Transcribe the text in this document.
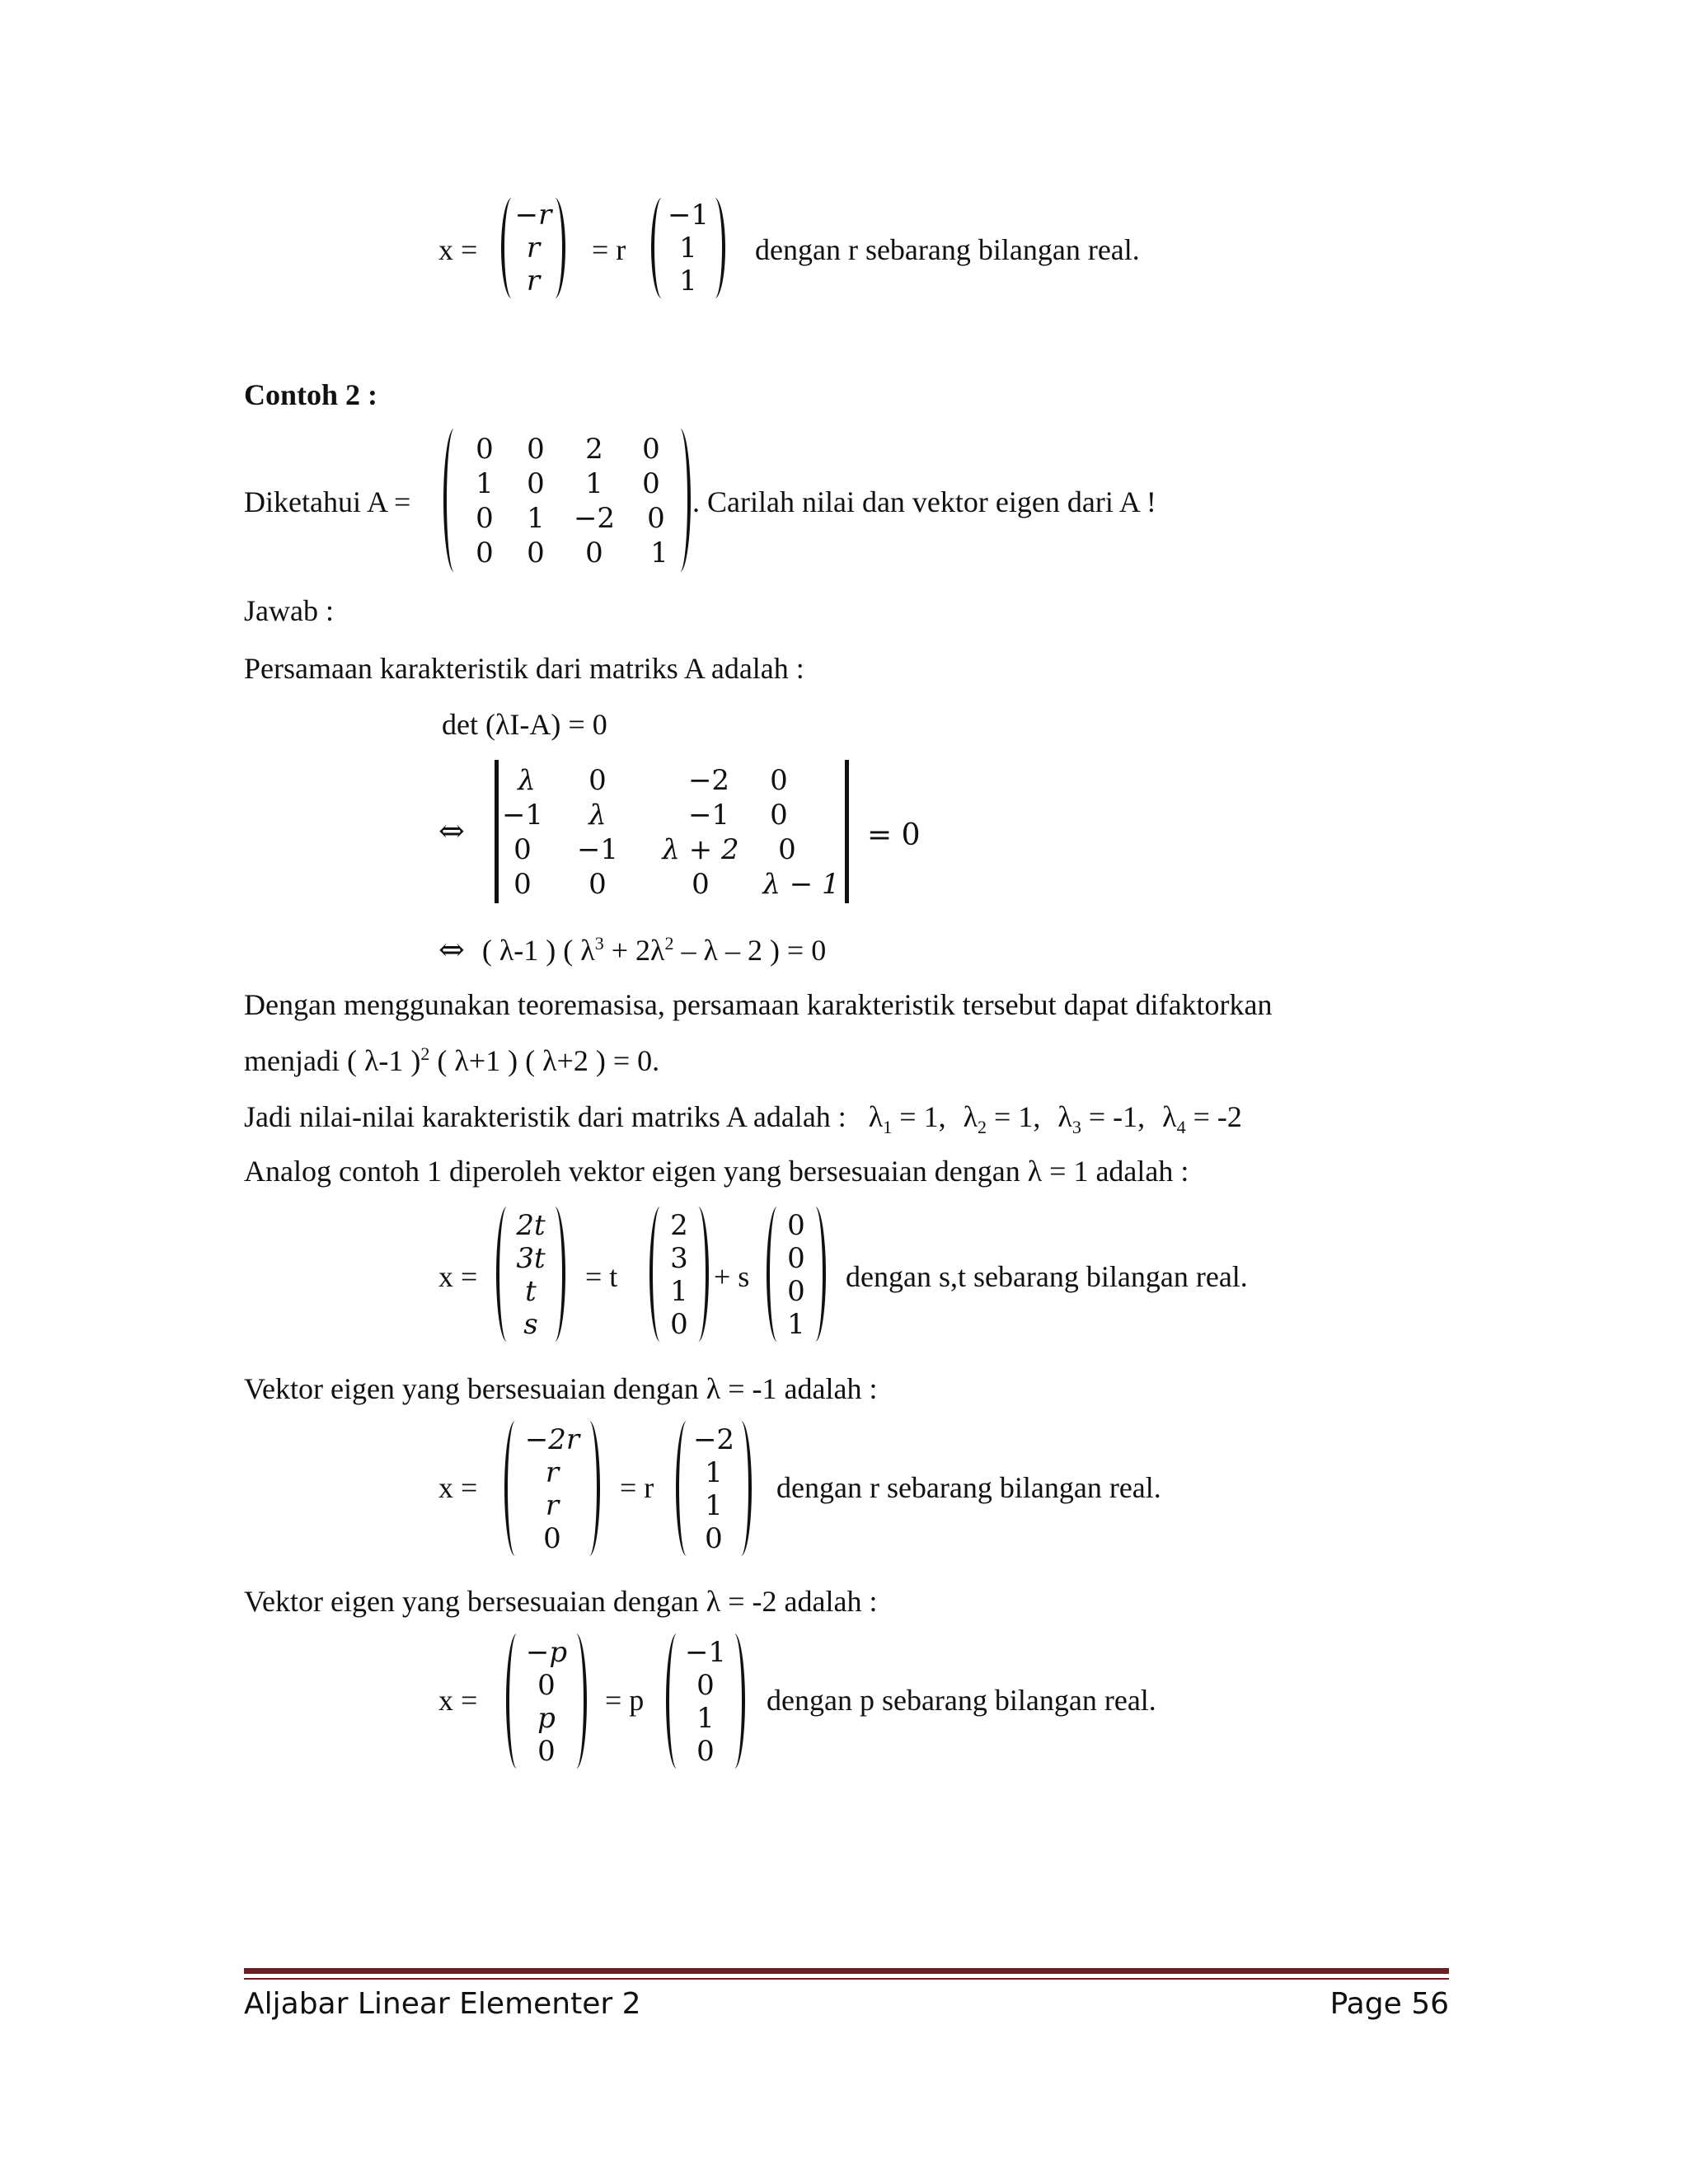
x =
−r
r
r
= r
−1
1
1
dengan r sebarang bilangan real.
Contoh 2 :
Diketahui A =
0 0	2	0
1 0	1	0
0 1 −2 0
0 0	0	1
. Carilah nilai dan vektor eigen dari A !
Jawab :
Persamaan karakteristik dari matriks A adalah :
det (λI-A) = 0
⇔
λ	0	−2	0
−1	λ	−1	0
0 −1	λ + 2	0
0	0	0	λ − 1
= 0
⇔ ( λ-1 ) ( $\lambda^3 + 2\lambda^2 - \lambda - 2$ ) = 0
Dengan menggunakan teoremasisa, persamaan karakteristik tersebut dapat difaktorkan
menjadi ( λ-1 )$^2$ ( λ+1 ) ( λ+2 ) = 0.
Jadi nilai-nilai karakteristik dari matriks A adalah : $\lambda_1 = 1$, $\lambda_2 = 1$, $\lambda_3 = -1$, $\lambda_4 = -2$
Analog contoh 1 diperoleh vektor eigen yang bersesuaian dengan λ = 1 adalah :
x =
2t
3t
t
s
= t
2
3
1
0
+ s
0
0
0
1
dengan s,t sebarang bilangan real.
Vektor eigen yang bersesuaian dengan λ = -1 adalah :
x =
−2r
r
r
0
= r
−2
1
1
0
dengan r sebarang bilangan real.
Vektor eigen yang bersesuaian dengan λ = -2 adalah :
x =
−p
0
p
0
= p
−1
0
1
0
dengan p sebarang bilangan real.
Aljabar Linear Elementer 2	Page 56
